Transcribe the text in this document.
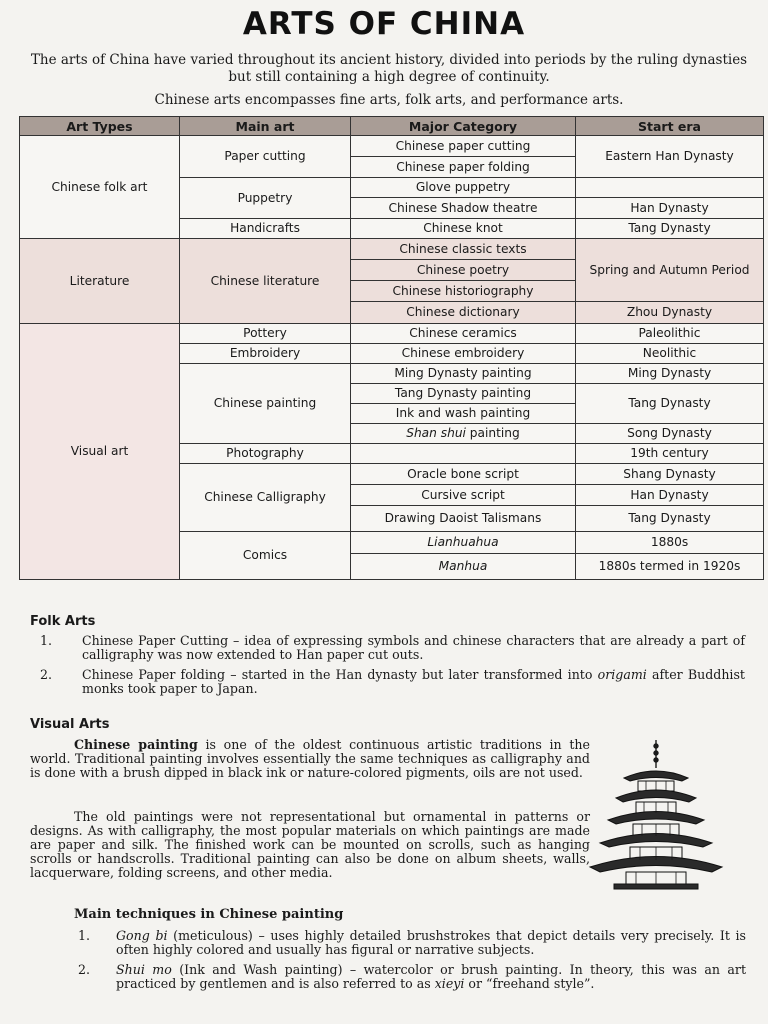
ARTS OF CHINA

The arts of China have varied throughout its ancient history, divided into periods by the ruling dynasties but still containing a high degree of continuity.

Chinese arts encompasses fine arts, folk arts, and performance arts.

Art Types	Main art	Major Category	Start era
Chinese folk art	Paper cutting	Chinese paper cutting	Eastern Han Dynasty
		Chinese paper folding	
	Puppetry	Glove puppetry	
		Chinese Shadow theatre	Han Dynasty
	Handicrafts	Chinese knot	Tang Dynasty
Literature	Chinese literature	Chinese classic texts	Spring and Autumn Period
		Chinese poetry	
		Chinese historiography	
		Chinese dictionary	Zhou Dynasty
Visual art	Pottery	Chinese ceramics	Paleolithic
	Embroidery	Chinese embroidery	Neolithic
	Chinese painting	Ming Dynasty painting	Ming Dynasty
		Tang Dynasty painting	Tang Dynasty
		Ink and wash painting	
		Shan shui painting	Song Dynasty
	Photography		19th century
	Chinese Calligraphy	Oracle bone script	Shang Dynasty
		Cursive script	Han Dynasty
		Drawing Daoist Talismans	Tang Dynasty
	Comics	Lianhuahua	1880s
		Manhua	1880s termed in 1920s
Folk Arts
1. Chinese Paper Cutting – idea of expressing symbols and chinese characters that are already a part of calligraphy was now extended to Han paper cut outs.
2. Chinese Paper folding – started in the Han dynasty but later transformed into origami after Buddhist monks took paper to Japan.
Visual Arts

Chinese painting is one of the oldest continuous artistic traditions in the world. Traditional painting involves essentially the same techniques as calligraphy and is done with a brush dipped in black ink or nature-colored pigments, oils are not used.

The old paintings were not representational but ornamental in patterns or designs. As with calligraphy, the most popular materials on which paintings are made are paper and silk. The finished work can be mounted on scrolls, such as hanging scrolls or handscrolls. Traditional painting can also be done on album sheets, walls, lacquerware, folding screens, and other media.

Main techniques in Chinese painting
1. Gong bi (meticulous) – uses highly detailed brushstrokes that depict details very precisely. It is often highly colored and usually has figural or narrative subjects.
2. Shui mo (Ink and Wash painting) – watercolor or brush painting. In theory, this was an art practiced by gentlemen and is also referred to as xieyi or “freehand style”.
